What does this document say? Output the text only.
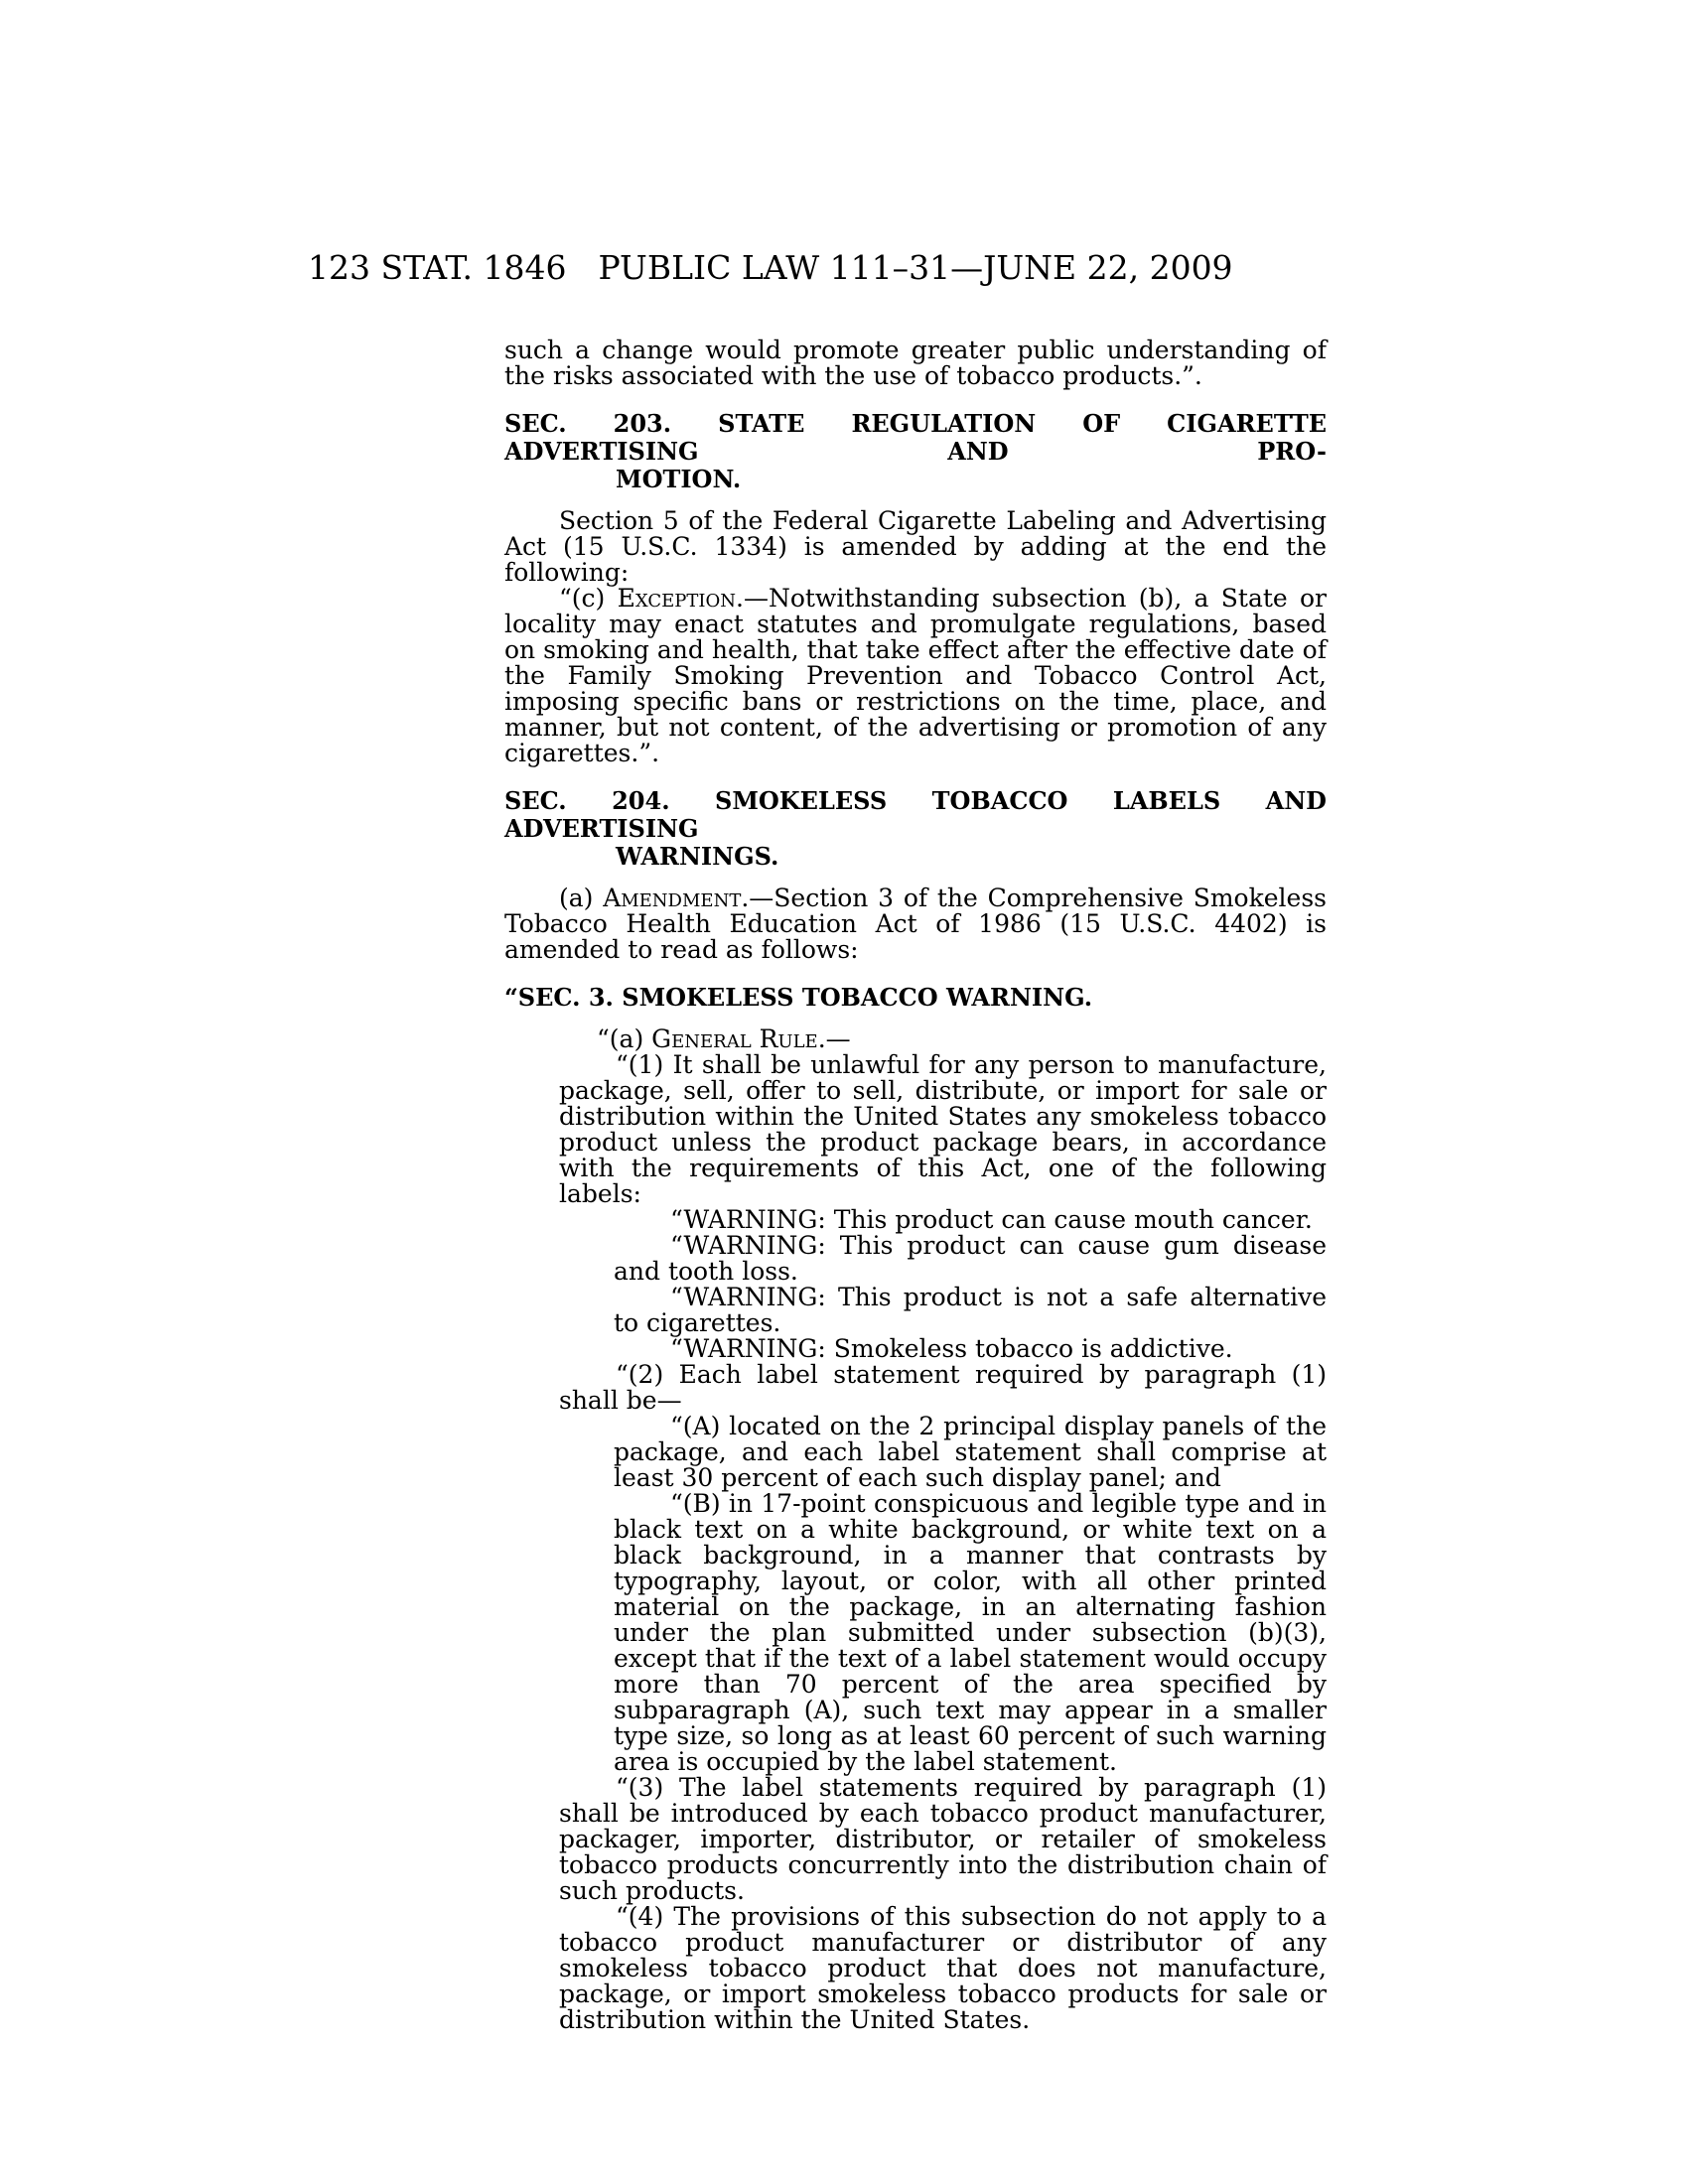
123 STAT. 1846 PUBLIC LAW 111–31—JUNE 22, 2009

such a change would promote greater public understanding of the risks associated with the use of tobacco products.”.

SEC. 203. STATE REGULATION OF CIGARETTE ADVERTISING AND PRO-
MOTION.

Section 5 of the Federal Cigarette Labeling and Advertising Act (15 U.S.C. 1334) is amended by adding at the end the following:

“(c) Exception.—Notwithstanding subsection (b), a State or locality may enact statutes and promulgate regulations, based on smoking and health, that take effect after the effective date of the Family Smoking Prevention and Tobacco Control Act, imposing specific bans or restrictions on the time, place, and manner, but not content, of the advertising or promotion of any cigarettes.”.

SEC. 204. SMOKELESS TOBACCO LABELS AND ADVERTISING
WARNINGS.

(a) Amendment.—Section 3 of the Comprehensive Smokeless Tobacco Health Education Act of 1986 (15 U.S.C. 4402) is amended to read as follows:

“SEC. 3. SMOKELESS TOBACCO WARNING.

“(a) General Rule.—

“(1) It shall be unlawful for any person to manufacture, package, sell, offer to sell, distribute, or import for sale or distribution within the United States any smokeless tobacco product unless the product package bears, in accordance with the requirements of this Act, one of the following labels:

“WARNING: This product can cause mouth cancer.

“WARNING: This product can cause gum disease and tooth loss.

“WARNING: This product is not a safe alternative to cigarettes.

“WARNING: Smokeless tobacco is addictive.

“(2) Each label statement required by paragraph (1) shall be—

“(A) located on the 2 principal display panels of the package, and each label statement shall comprise at least 30 percent of each such display panel; and

“(B) in 17-point conspicuous and legible type and in black text on a white background, or white text on a black background, in a manner that contrasts by typography, layout, or color, with all other printed material on the package, in an alternating fashion under the plan submitted under subsection (b)(3), except that if the text of a label statement would occupy more than 70 percent of the area specified by subparagraph (A), such text may appear in a smaller type size, so long as at least 60 percent of such warning area is occupied by the label statement.

“(3) The label statements required by paragraph (1) shall be introduced by each tobacco product manufacturer, packager, importer, distributor, or retailer of smokeless tobacco products concurrently into the distribution chain of such products.

“(4) The provisions of this subsection do not apply to a tobacco product manufacturer or distributor of any smokeless tobacco product that does not manufacture, package, or import smokeless tobacco products for sale or distribution within the United States.
